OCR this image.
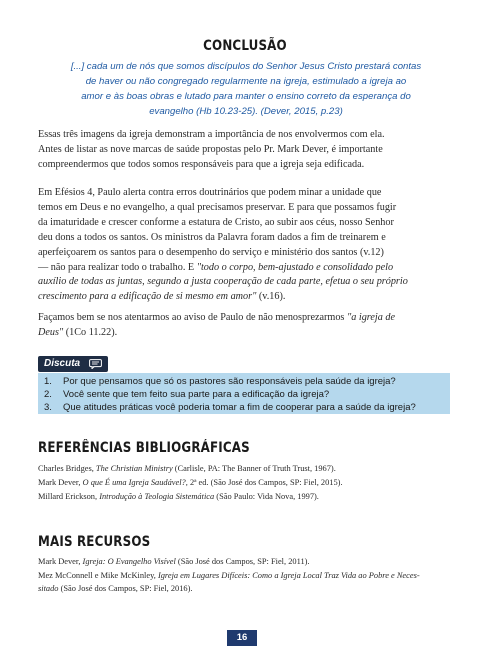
CONCLUSÃO
[...] cada um de nós que somos discípulos do Senhor Jesus Cristo prestará contas
de haver ou não congregado regularmente na igreja, estimulado a igreja ao
amor e às boas obras e lutado para manter o ensino correto da esperança do
evangelho (Hb 10.23-25). (Dever, 2015, p.23)
Essas três imagens da igreja demonstram a importância de nos envolvermos com ela.
Antes de listar as nove marcas de saúde propostas pelo Pr. Mark Dever, é importante
compreendermos que todos somos responsáveis para que a igreja seja edificada.
Em Efésios 4, Paulo alerta contra erros doutrinários que podem minar a unidade que
temos em Deus e no evangelho, a qual precisamos preservar. E para que possamos fugir
da imaturidade e crescer conforme a estatura de Cristo, ao subir aos céus, nosso Senhor
deu dons a todos os santos. Os ministros da Palavra foram dados a fim de treinarem e
aperfeiçoarem os santos para o desempenho do serviço e ministério dos santos (v.12)
— não para realizar todo o trabalho. E "todo o corpo, bem-ajustado e consolidado pelo
auxílio de todas as juntas, segundo a justa cooperação de cada parte, efetua o seu próprio
crescimento para a edificação de si mesmo em amor" (v.16).
Façamos bem se nos atentarmos ao aviso de Paulo de não menosprezarmos "a igreja de
Deus" (1Co 11.22).
Discuta
1. Por que pensamos que só os pastores são responsáveis pela saúde da igreja?
2. Você sente que tem feito sua parte para a edificação da igreja?
3. Que atitudes práticas você poderia tomar a fim de cooperar para a saúde da igreja?
REFERÊNCIAS BIBLIOGRÁFICAS
Charles Bridges, The Christian Ministry (Carlisle, PA: The Banner of Truth Trust, 1967).
Mark Dever, O que É uma Igreja Saudável?, 2ª ed. (São José dos Campos, SP: Fiel, 2015).
Millard Erickson, Introdução à Teologia Sistemática (São Paulo: Vida Nova, 1997).
MAIS RECURSOS
Mark Dever, Igreja: O Evangelho Visível (São José dos Campos, SP: Fiel, 2011).
Mez McConnell e Mike McKinley, Igreja em Lugares Difíceis: Como a Igreja Local Traz Vida ao Pobre e Neces-
sitado (São José dos Campos, SP: Fiel, 2016).
16
